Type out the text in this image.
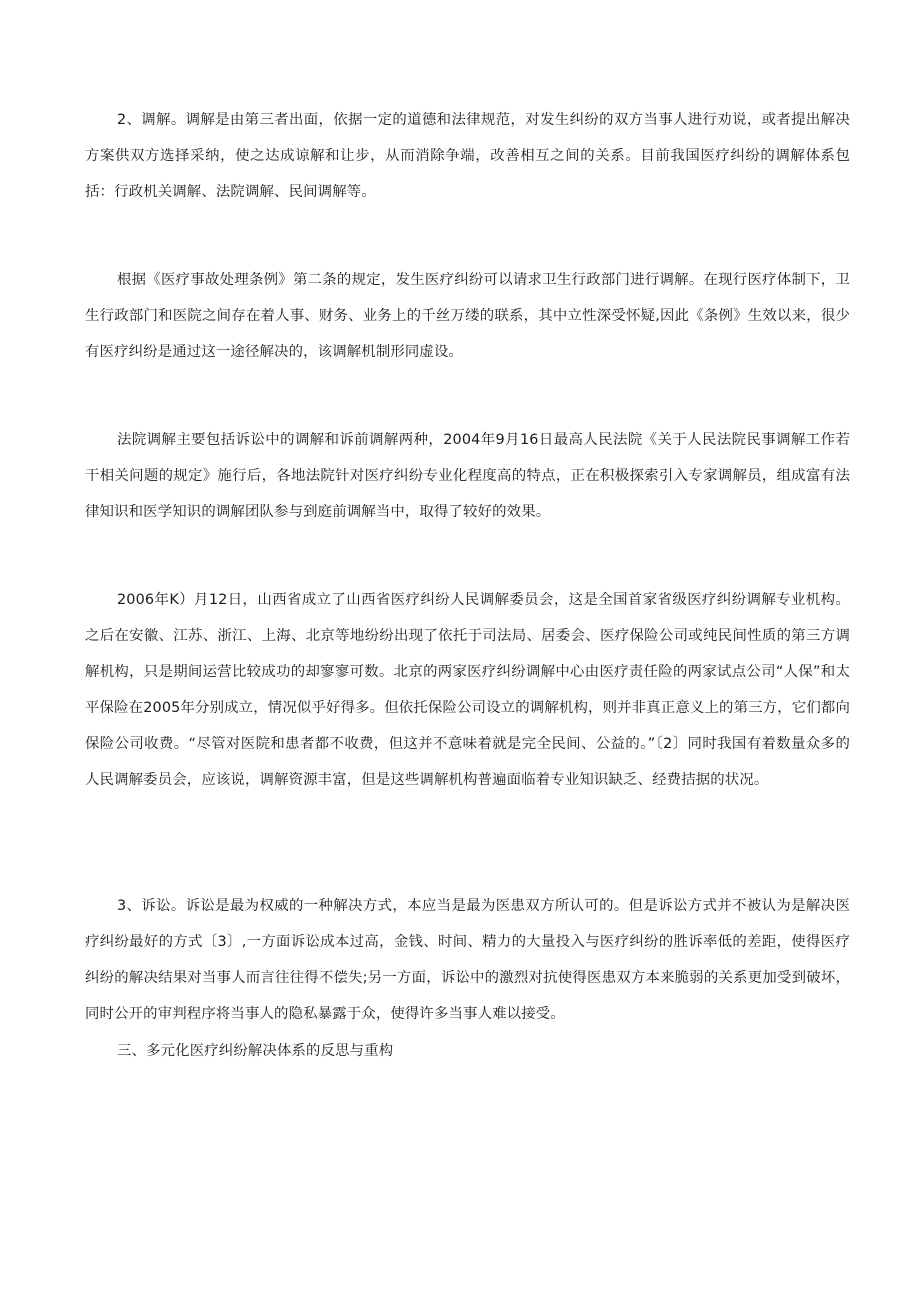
2、调解。调解是由第三者出面，依据一定的道德和法律规范，对发生纠纷的双方当事人进行劝说，或者提出解决方案供双方选择采纳，使之达成谅解和让步，从而消除争端，改善相互之间的关系。目前我国医疗纠纷的调解体系包括：行政机关调解、法院调解、民间调解等。

根据《医疗事故处理条例》第二条的规定，发生医疗纠纷可以请求卫生行政部门进行调解。在现行医疗体制下，卫生行政部门和医院之间存在着人事、财务、业务上的千丝万缕的联系，其中立性深受怀疑,因此《条例》生效以来，很少有医疗纠纷是通过这一途径解决的，该调解机制形同虚设。

法院调解主要包括诉讼中的调解和诉前调解两种，2004年9月16日最高人民法院《关于人民法院民事调解工作若干相关问题的规定》施行后，各地法院针对医疗纠纷专业化程度高的特点，正在积极探索引入专家调解员，组成富有法律知识和医学知识的调解团队参与到庭前调解当中，取得了较好的效果。

2006年K）月12日，山西省成立了山西省医疗纠纷人民调解委员会，这是全国首家省级医疗纠纷调解专业机构。之后在安徽、江苏、浙江、上海、北京等地纷纷出现了依托于司法局、居委会、医疗保险公司或纯民间性质的第三方调解机构，只是期间运营比较成功的却寥寥可数。北京的两家医疗纠纷调解中心由医疗责任险的两家试点公司“人保”和太平保险在2005年分别成立，情况似乎好得多。但依托保险公司设立的调解机构，则并非真正意义上的第三方，它们都向保险公司收费。“尽管对医院和患者都不收费，但这并不意味着就是完全民间、公益的。”〔2〕同时我国有着数量众多的人民调解委员会，应该说，调解资源丰富，但是这些调解机构普遍面临着专业知识缺乏、经费拮据的状况。

3、诉讼。诉讼是最为权威的一种解决方式，本应当是最为医患双方所认可的。但是诉讼方式并不被认为是解决医疗纠纷最好的方式〔3〕,一方面诉讼成本过高，金钱、时间、精力的大量投入与医疗纠纷的胜诉率低的差距，使得医疗纠纷的解决结果对当事人而言往往得不偿失;另一方面，诉讼中的激烈对抗使得医患双方本来脆弱的关系更加受到破坏，同时公开的审判程序将当事人的隐私暴露于众，使得许多当事人难以接受。

三、多元化医疗纠纷解决体系的反思与重构
